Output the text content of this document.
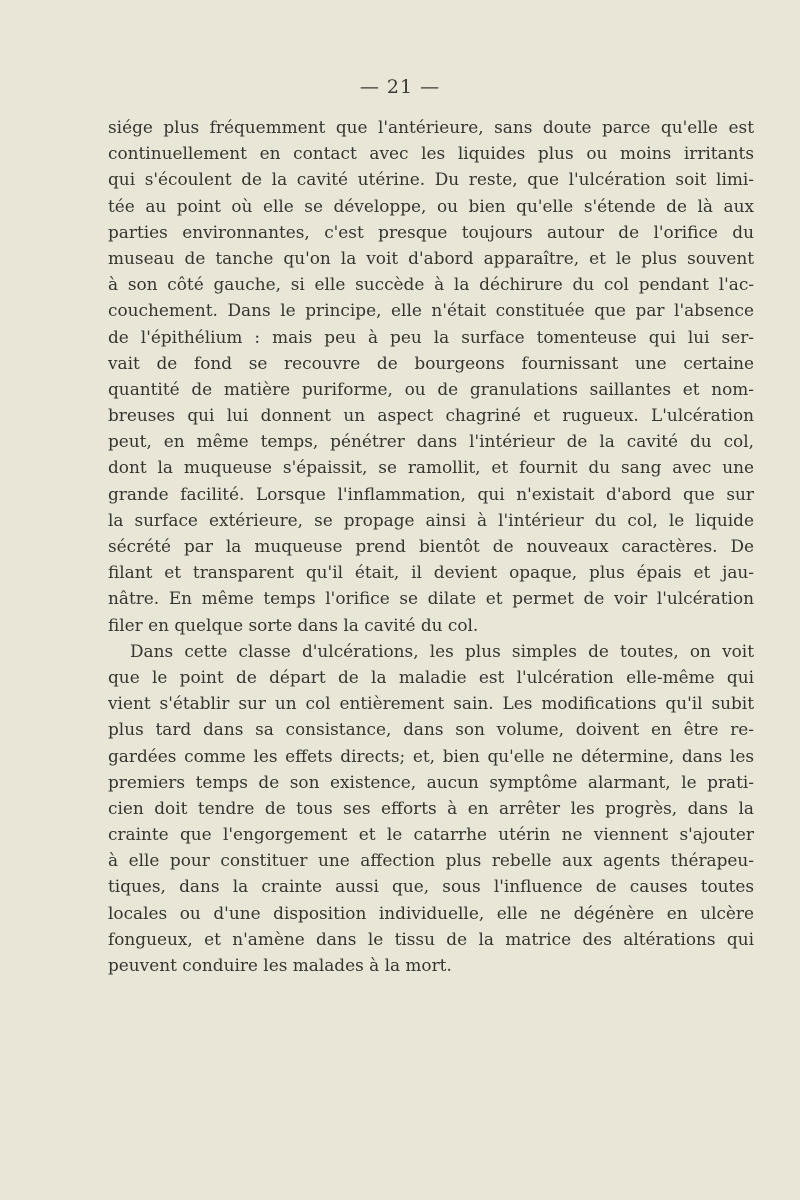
— 21 —

siége plus fréquemment que l'antérieure, sans doute parce qu'elle est
continuellement en contact avec les liquides plus ou moins irritants
qui s'écoulent de la cavité utérine. Du reste, que l'ulcération soit limi-
tée au point où elle se développe, ou bien qu'elle s'étende de là aux
parties environnantes, c'est presque toujours autour de l'orifice du
museau de tanche qu'on la voit d'abord apparaître, et le plus souvent
à son côté gauche, si elle succède à la déchirure du col pendant l'ac-
couchement. Dans le principe, elle n'était constituée que par l'absence
de l'épithélium : mais peu à peu la surface tomenteuse qui lui ser-
vait de fond se recouvre de bourgeons fournissant une certaine
quantité de matière puriforme, ou de granulations saillantes et nom-
breuses qui lui donnent un aspect chagriné et rugueux. L'ulcération
peut, en même temps, pénétrer dans l'intérieur de la cavité du col,
dont la muqueuse s'épaissit, se ramollit, et fournit du sang avec une
grande facilité. Lorsque l'inflammation, qui n'existait d'abord que sur
la surface extérieure, se propage ainsi à l'intérieur du col, le liquide
sécrété par la muqueuse prend bientôt de nouveaux caractères. De
filant et transparent qu'il était, il devient opaque, plus épais et jau-
nâtre. En même temps l'orifice se dilate et permet de voir l'ulcération
filer en quelque sorte dans la cavité du col.

Dans cette classe d'ulcérations, les plus simples de toutes, on voit
que le point de départ de la maladie est l'ulcération elle-même qui
vient s'établir sur un col entièrement sain. Les modifications qu'il subit
plus tard dans sa consistance, dans son volume, doivent en être re-
gardées comme les effets directs; et, bien qu'elle ne détermine, dans les
premiers temps de son existence, aucun symptôme alarmant, le prati-
cien doit tendre de tous ses efforts à en arrêter les progrès, dans la
crainte que l'engorgement et le catarrhe utérin ne viennent s'ajouter
à elle pour constituer une affection plus rebelle aux agents thérapeu-
tiques, dans la crainte aussi que, sous l'influence de causes toutes
locales ou d'une disposition individuelle, elle ne dégénère en ulcère
fongueux, et n'amène dans le tissu de la matrice des altérations qui
peuvent conduire les malades à la mort.
